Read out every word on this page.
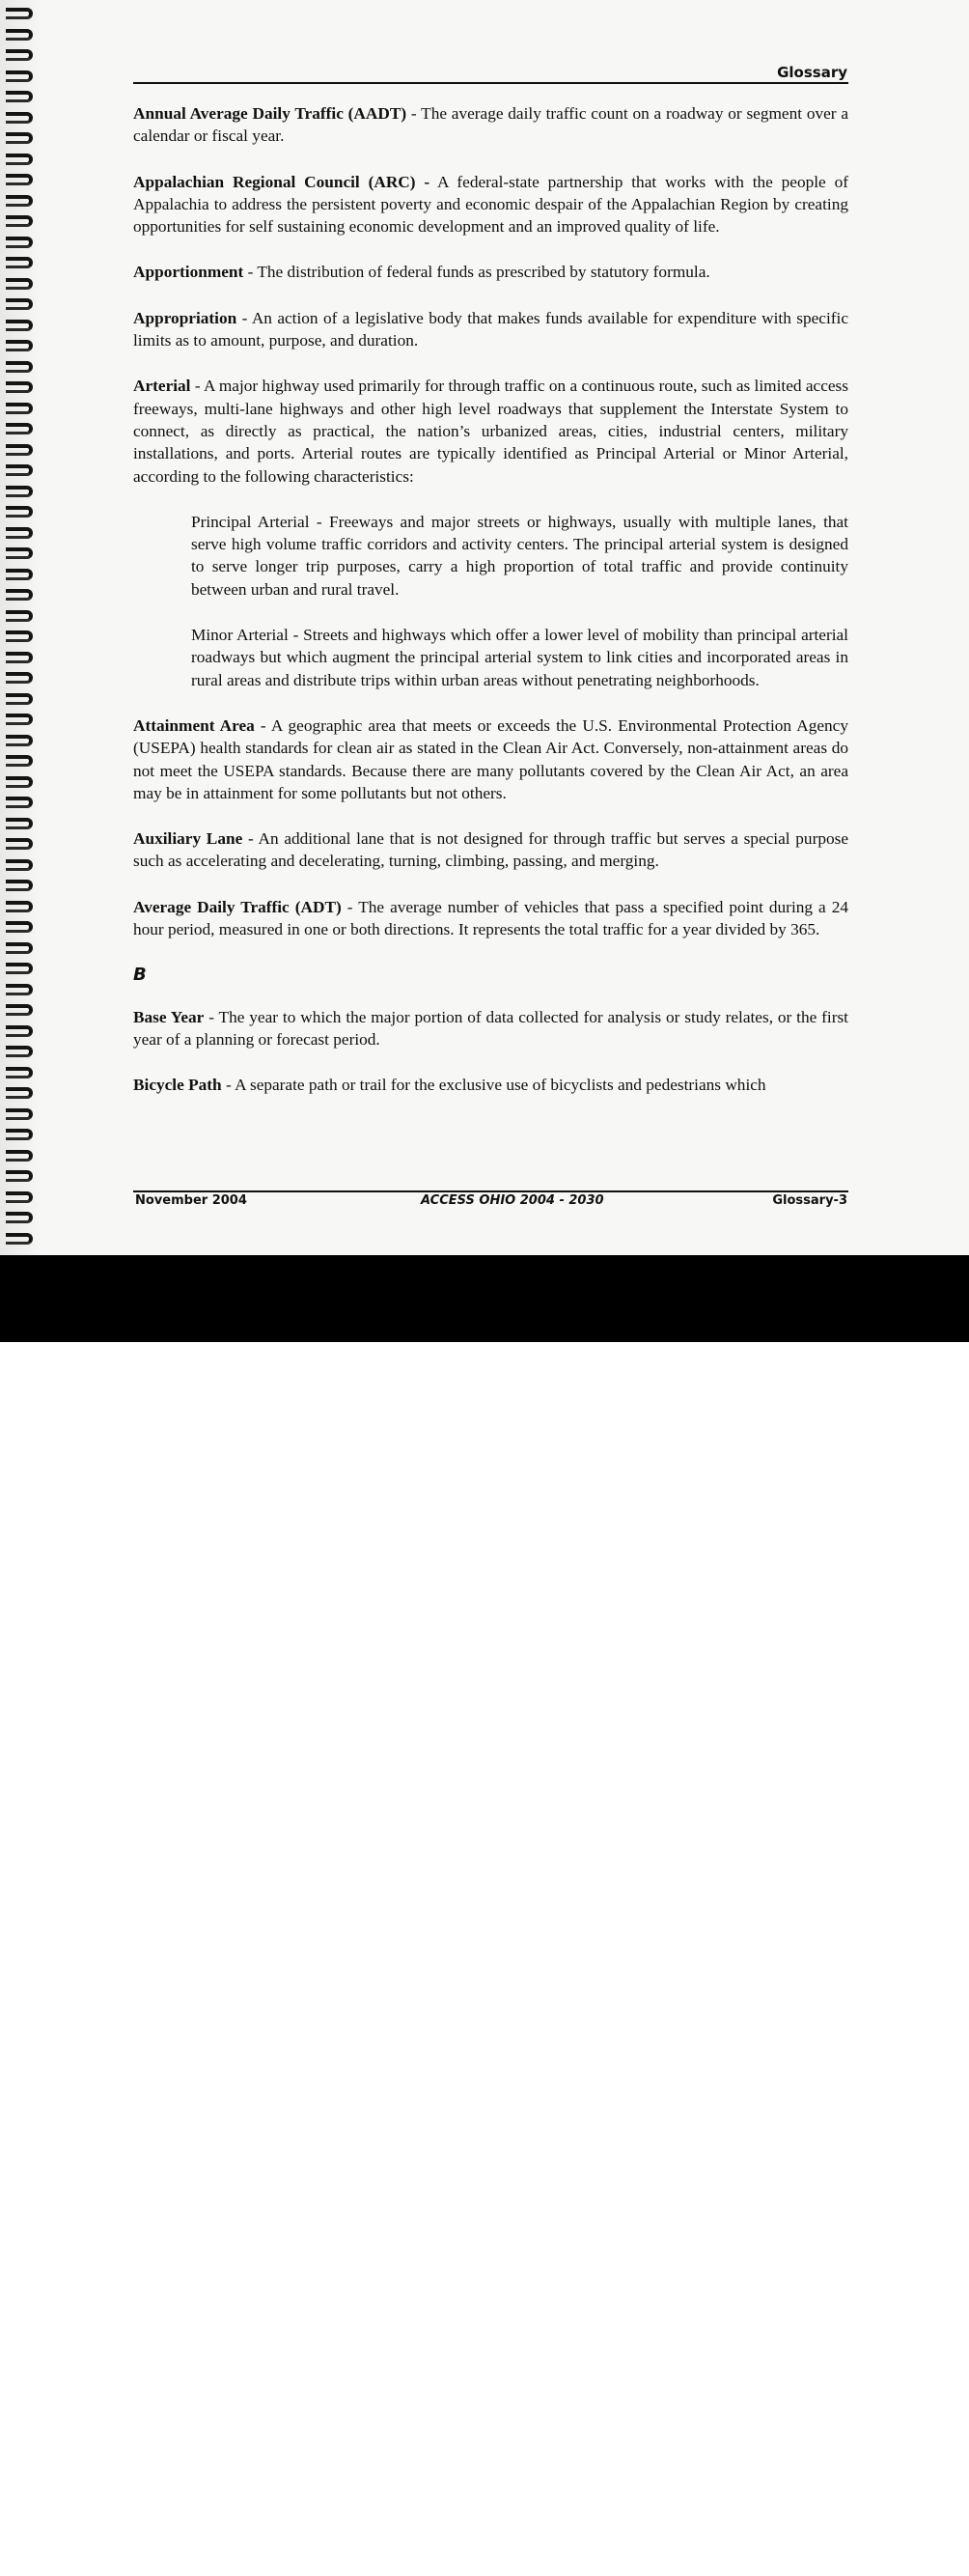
Glossary

Annual Average Daily Traffic (AADT) - The average daily traffic count on a roadway or segment over a calendar or fiscal year.

Appalachian Regional Council (ARC) - A federal-state partnership that works with the people of Appalachia to address the persistent poverty and economic despair of the Appalachian Region by creating opportunities for self sustaining economic development and an improved quality of life.

Apportionment - The distribution of federal funds as prescribed by statutory formula.

Appropriation - An action of a legislative body that makes funds available for expenditure with specific limits as to amount, purpose, and duration.

Arterial - A major highway used primarily for through traffic on a continuous route, such as limited access freeways, multi-lane highways and other high level roadways that supplement the Interstate System to connect, as directly as practical, the nation’s urbanized areas, cities, industrial centers, military installations, and ports. Arterial routes are typically identified as Principal Arterial or Minor Arterial, according to the following characteristics:

Principal Arterial - Freeways and major streets or highways, usually with multiple lanes, that serve high volume traffic corridors and activity centers. The principal arterial system is designed to serve longer trip purposes, carry a high proportion of total traffic and provide continuity between urban and rural travel.

Minor Arterial - Streets and highways which offer a lower level of mobility than principal arterial roadways but which augment the principal arterial system to link cities and incorporated areas in rural areas and distribute trips within urban areas without penetrating neighborhoods.

Attainment Area - A geographic area that meets or exceeds the U.S. Environmental Protection Agency (USEPA) health standards for clean air as stated in the Clean Air Act. Conversely, non-attainment areas do not meet the USEPA standards. Because there are many pollutants covered by the Clean Air Act, an area may be in attainment for some pollutants but not others.

Auxiliary Lane - An additional lane that is not designed for through traffic but serves a special purpose such as accelerating and decelerating, turning, climbing, passing, and merging.

Average Daily Traffic (ADT) - The average number of vehicles that pass a specified point during a 24 hour period, measured in one or both directions. It represents the total traffic for a year divided by 365.

B

Base Year - The year to which the major portion of data collected for analysis or study relates, or the first year of a planning or forecast period.

Bicycle Path - A separate path or trail for the exclusive use of bicyclists and pedestrians which

November 2004	ACCESS OHIO 2004 - 2030	Glossary-3
alamy	3BGRG0K
www.alamy.com
